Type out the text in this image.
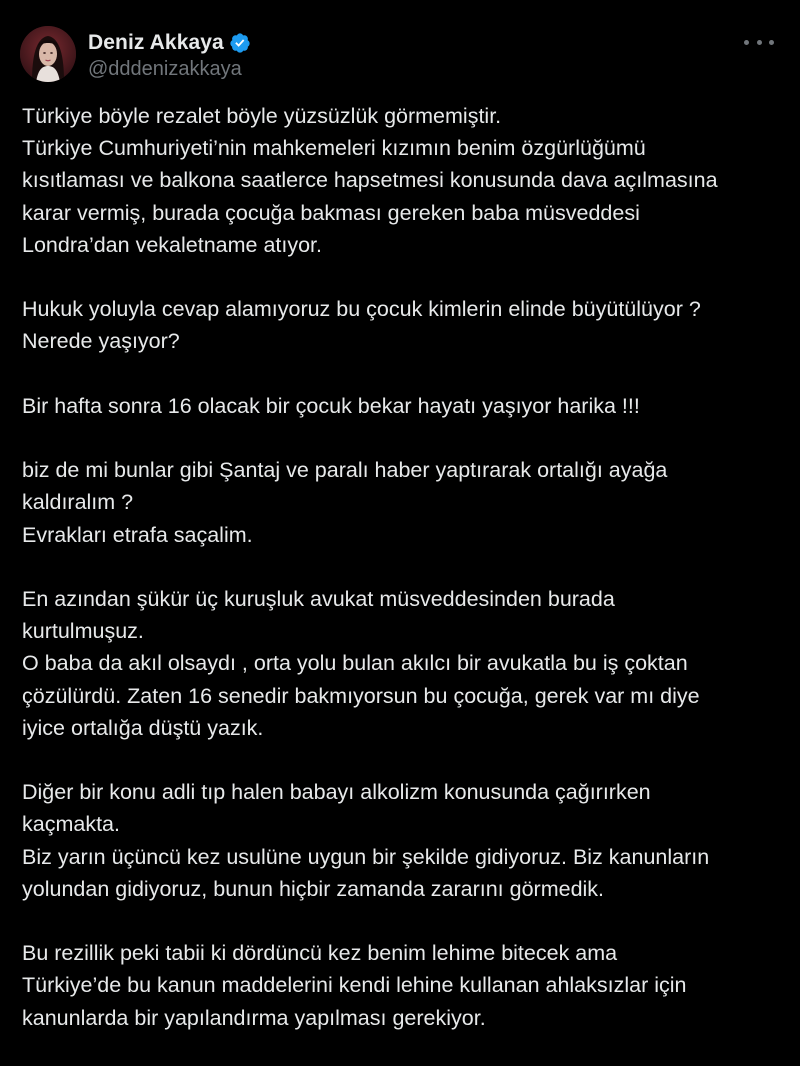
Deniz Akkaya
@dddenizakkaya

Türkiye böyle rezalet böyle yüzsüzlük görmemiştir.
Türkiye Cumhuriyeti’nin mahkemeleri kızımın benim özgürlüğümü
kısıtlaması ve balkona saatlerce hapsetmesi konusunda dava açılmasına
karar vermiş, burada çocuğa bakması gereken baba müsveddesi
Londra’dan vekaletname atıyor.

Hukuk yoluyla cevap alamıyoruz bu çocuk kimlerin elinde büyütülüyor ?
Nerede yaşıyor?

Bir hafta sonra 16 olacak bir çocuk bekar hayatı yaşıyor harika !!!

biz de mi bunlar gibi Şantaj ve paralı haber yaptırarak ortalığı ayağa
kaldıralım ?
Evrakları etrafa saçalim.

En azından şükür üç kuruşluk avukat müsveddesinden burada
kurtulmuşuz.
O baba da akıl olsaydı , orta yolu bulan akılcı bir avukatla bu iş çoktan
çözülürdü. Zaten 16 senedir bakmıyorsun bu çocuğa, gerek var mı diye
iyice ortalığa düştü yazık.

Diğer bir konu adli tıp halen babayı alkolizm konusunda çağırırken
kaçmakta.
Biz yarın üçüncü kez usulüne uygun bir şekilde gidiyoruz. Biz kanunların
yolundan gidiyoruz, bunun hiçbir zamanda zararını görmedik.

Bu rezillik peki tabii ki dördüncü kez benim lehime bitecek ama
Türkiye’de bu kanun maddelerini kendi lehine kullanan ahlaksızlar için
kanunlarda bir yapılandırma yapılması gerekiyor.
